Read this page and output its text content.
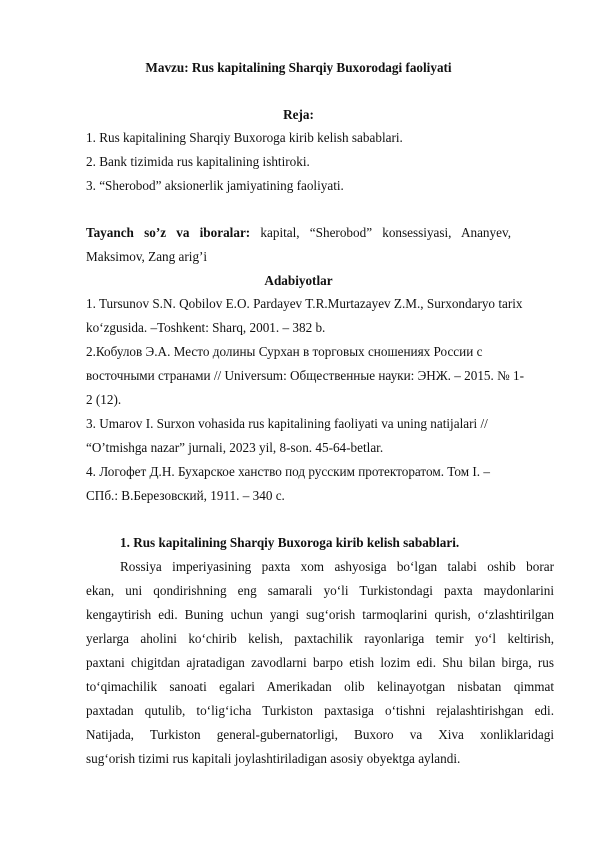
Mavzu: Rus kapitalining Sharqiy Buxorodagi faoliyati
Reja:
1. Rus kapitalining Sharqiy Buxoroga kirib kelish sabablari.
2. Bank tizimida rus kapitalining ishtiroki.
3. “Sherobod” aksionerlik jamiyatining faoliyati.
Tayanch so’z va iboralar: kapital, “Sherobod” konsessiyasi, Ananyev,
Maksimov, Zang arig’i
Adabiyotlar
1. Tursunov S.N. Qobilov E.O. Pardayev T.R.Murtazayev Z.M., Surxondaryo tarix
ko‘zgusida. –Toshkent: Sharq, 2001. – 382 b.
2.Кобулов Э.А. Место долины Сурхан в торговых сношениях России с
восточными странами // Universum: Общественные науки: ЭНЖ. – 2015. № 1-
2 (12).
3. Umarov I. Surxon vohasida rus kapitalining faoliyati va uning natijalari //
“O’tmishga nazar” jurnali, 2023 yil, 8-son. 45-64-betlar.
4. Логофет Д.Н. Бухарское ханство под русским протекторатом. Том I. –
СПб.: В.Березовский, 1911. – 340 с.
1. Rus kapitalining Sharqiy Buxoroga kirib kelish sabablari.
Rossiya imperiyasining paxta xom ashyosiga bo‘lgan talabi oshib borar
ekan, uni qondirishning eng samarali yo‘li Turkistondagi paxta maydonlarini
kengaytirish edi. Buning uchun yangi sug‘orish tarmoqlarini qurish, o‘zlashtirilgan
yerlarga aholini ko‘chirib kelish, paxtachilik rayonlariga temir yo‘l keltirish,
paxtani chigitdan ajratadigan zavodlarni barpo etish lozim edi. Shu bilan birga, rus
to‘qimachilik sanoati egalari Amerikadan olib kelinayotgan nisbatan qimmat
paxtadan qutulib, to‘lig‘icha Turkiston paxtasiga o‘tishni rejalashtirishgan edi.
Natijada, Turkiston general-gubernatorligi, Buxoro va Xiva xonliklaridagi
sug‘orish tizimi rus kapitali joylashtiriladigan asosiy obyektga aylandi.
